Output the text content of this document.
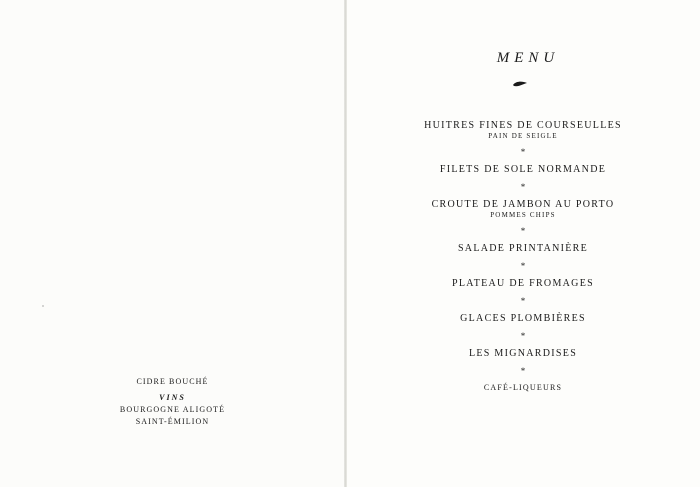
CIDRE BOUCHÉ
VINS
BOURGOGNE ALIGOTÉ
SAINT-ÉMILION
MENU
HUITRES FINES DE COURSEULLES
PAIN DE SEIGLE
*
FILETS DE SOLE NORMANDE
*
CROUTE DE JAMBON AU PORTO
POMMES CHIPS
*
SALADE PRINTANIÈRE
*
PLATEAU DE FROMAGES
*
GLACES PLOMBIÈRES
*
LES MIGNARDISES
*
CAFÉ-LIQUEURS
